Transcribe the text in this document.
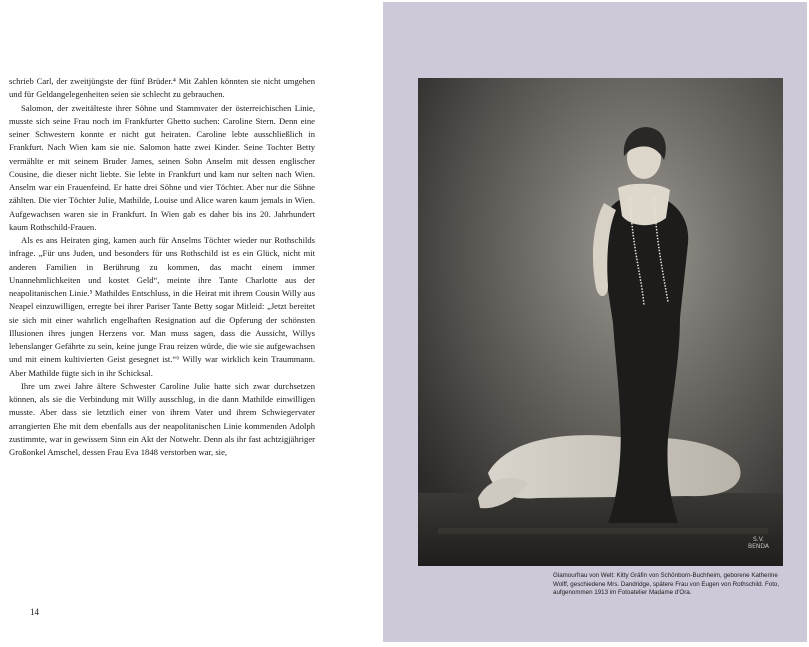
schrieb Carl, der zweitjüngste der fünf Brüder.⁴ Mit Zahlen könnten sie nicht umgehen und für Geldangelegenheiten seien sie schlecht zu gebrauchen.

Salomon, der zweitälteste ihrer Söhne und Stammvater der österreichischen Linie, musste sich seine Frau noch im Frankfurter Ghetto suchen: Caroline Stern. Denn eine seiner Schwestern konnte er nicht gut heiraten. Caroline lebte ausschließlich in Frankfurt. Nach Wien kam sie nie. Salomon hatte zwei Kinder. Seine Tochter Betty vermählte er mit seinem Bruder James, seinen Sohn Anselm mit dessen englischer Cousine, die dieser nicht liebte. Sie lebte in Frankfurt und kam nur selten nach Wien. Anselm war ein Frauenfeind. Er hatte drei Söhne und vier Töchter. Aber nur die Söhne zählten. Die vier Töchter Julie, Mathilde, Louise und Alice waren kaum jemals in Wien. Aufgewachsen waren sie in Frankfurt. In Wien gab es daher bis ins 20. Jahrhundert kaum Rothschild-Frauen.

Als es ans Heiraten ging, kamen auch für Anselms Töchter wieder nur Rothschilds infrage. „Für uns Juden, und besonders für uns Rothschild ist es ein Glück, nicht mit anderen Familien in Berührung zu kommen, das macht einem immer Unannehmlichkeiten und kostet Geld“, meinte ihre Tante Charlotte aus der neapolitanischen Linie.⁵ Mathildes Entschluss, in die Heirat mit ihrem Cousin Willy aus Neapel einzuwilligen, erregte bei ihrer Pariser Tante Betty sogar Mitleid: „Jetzt bereitet sie sich mit einer wahrlich engelhaften Resignation auf die Opferung der schönsten Illusionen ihres jungen Herzens vor. Man muss sagen, dass die Aussicht, Willys lebenslanger Gefährte zu sein, keine junge Frau reizen würde, die wie sie aufgewachsen und mit einem kultivierten Geist gesegnet ist.“⁶ Willy war wirklich kein Traummann. Aber Mathilde fügte sich in ihr Schicksal.

Ihre um zwei Jahre ältere Schwester Caroline Julie hatte sich zwar durchsetzen können, als sie die Verbindung mit Willy ausschlug, in die dann Mathilde einwilligen musste. Aber dass sie letztlich einer von ihrem Vater und ihrem Schwiegervater arrangierten Ehe mit dem ebenfalls aus der neapolitanischen Linie kommenden Adolph zustimmte, war in gewissem Sinn ein Akt der Notwehr. Denn als ihr fast achtzigjähriger Großonkel Amschel, dessen Frau Eva 1848 verstorben war, sie,

14
S.V.
BENDA
Glamourfrau von Welt: Kitty Gräfin von Schönborn-Buchheim, geborene Katherine Wolff, geschiedene Mrs. Dandridge, spätere Frau von Eugen von Rothschild. Foto, aufgenommen 1913 im Fotoatelier Madame d'Ora.
